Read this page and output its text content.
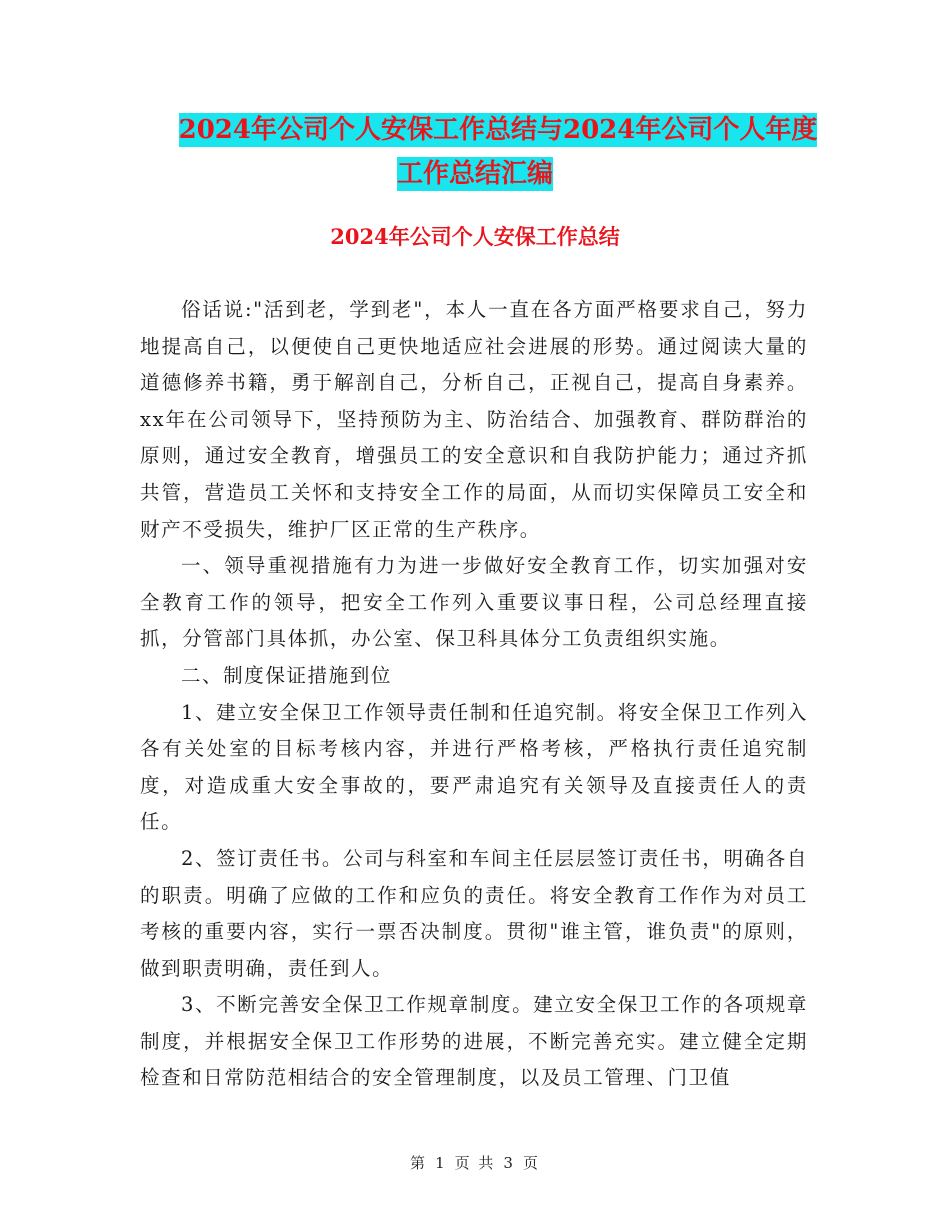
2024年公司个人安保工作总结与2024年公司个人年度
工作总结汇编
2024年公司个人安保工作总结

俗话说:"活到老，学到老"，本人一直在各方面严格要求自己，努力地提高自己，以便使自己更快地适应社会进展的形势。通过阅读大量的道德修养书籍，勇于解剖自己，分析自己，正视自己，提高自身素养。xx年在公司领导下，坚持预防为主、防治结合、加强教育、群防群治的原则，通过安全教育，增强员工的安全意识和自我防护能力；通过齐抓共管，营造员工关怀和支持安全工作的局面，从而切实保障员工安全和财产不受损失，维护厂区正常的生产秩序。

一、领导重视措施有力为进一步做好安全教育工作，切实加强对安全教育工作的领导，把安全工作列入重要议事日程，公司总经理直接抓，分管部门具体抓，办公室、保卫科具体分工负责组织实施。

二、制度保证措施到位

1、建立安全保卫工作领导责任制和任追究制。将安全保卫工作列入各有关处室的目标考核内容，并进行严格考核，严格执行责任追究制度，对造成重大安全事故的，要严肃追究有关领导及直接责任人的责任。

2、签订责任书。公司与科室和车间主任层层签订责任书，明确各自的职责。明确了应做的工作和应负的责任。将安全教育工作作为对员工考核的重要内容，实行一票否决制度。贯彻"谁主管，谁负责"的原则，做到职责明确，责任到人。

3、不断完善安全保卫工作规章制度。建立安全保卫工作的各项规章制度，并根据安全保卫工作形势的进展，不断完善充实。建立健全定期检查和日常防范相结合的安全管理制度，以及员工管理、门卫值

第 1 页 共 3 页
